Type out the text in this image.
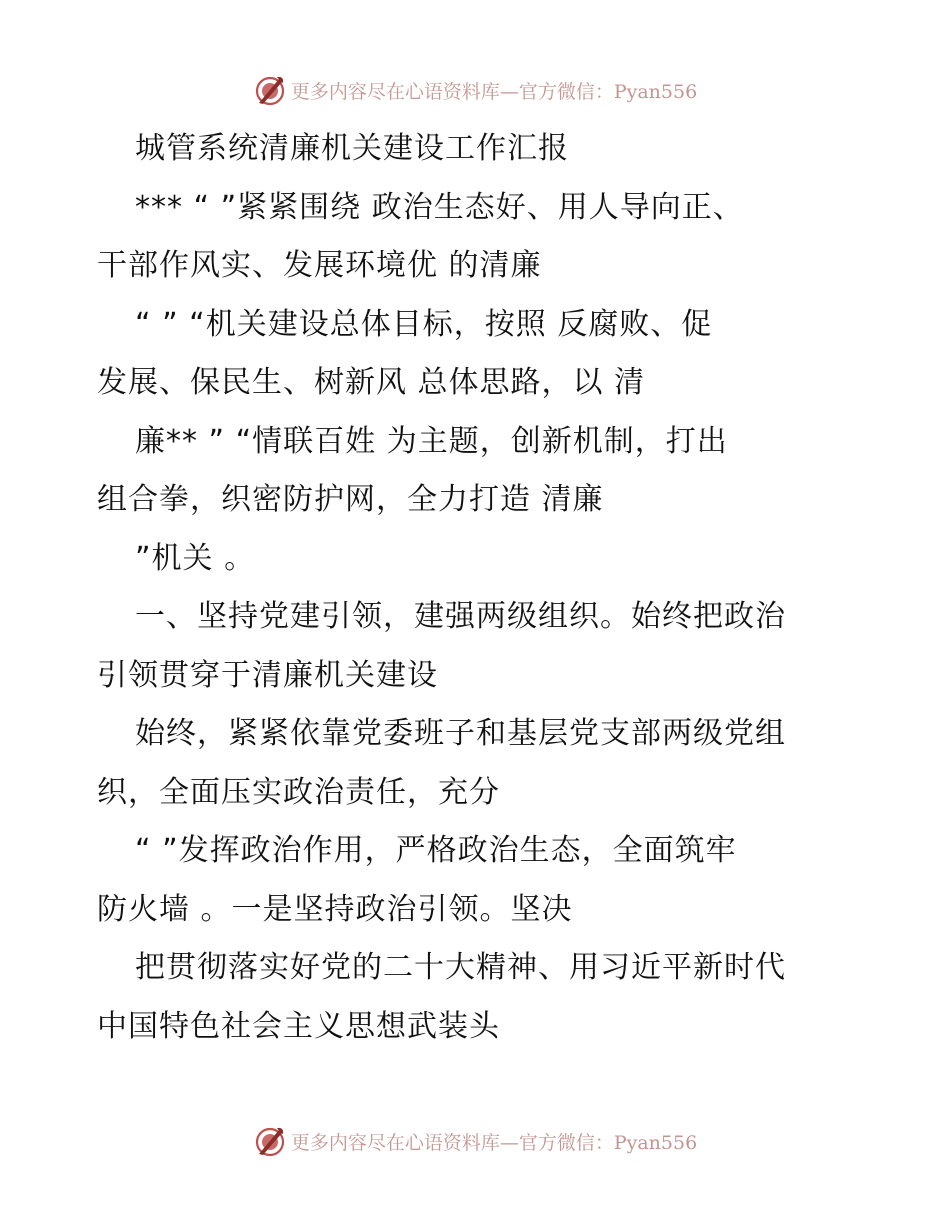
更多内容尽在心语资料库—官方微信：Pyan556
城管系统清廉机关建设工作汇报
*** “ ”紧紧围绕 政治生态好、用人导向正、
干部作风实、发展环境优 的清廉
“ ” “机关建设总体目标，按照 反腐败、促
发展、保民生、树新风 总体思路，以 清
廉** ” “情联百姓 为主题，创新机制，打出
组合拳，织密防护网，全力打造 清廉
”机关 。
一、坚持党建引领，建强两级组织。始终把政治
引领贯穿于清廉机关建设
始终，紧紧依靠党委班子和基层党支部两级党组
织，全面压实政治责任，充分
“ ”发挥政治作用，严格政治生态，全面筑牢
防火墙 。一是坚持政治引领。坚决
把贯彻落实好党的二十大精神、用习近平新时代
中国特色社会主义思想武装头
更多内容尽在心语资料库—官方微信：Pyan556
